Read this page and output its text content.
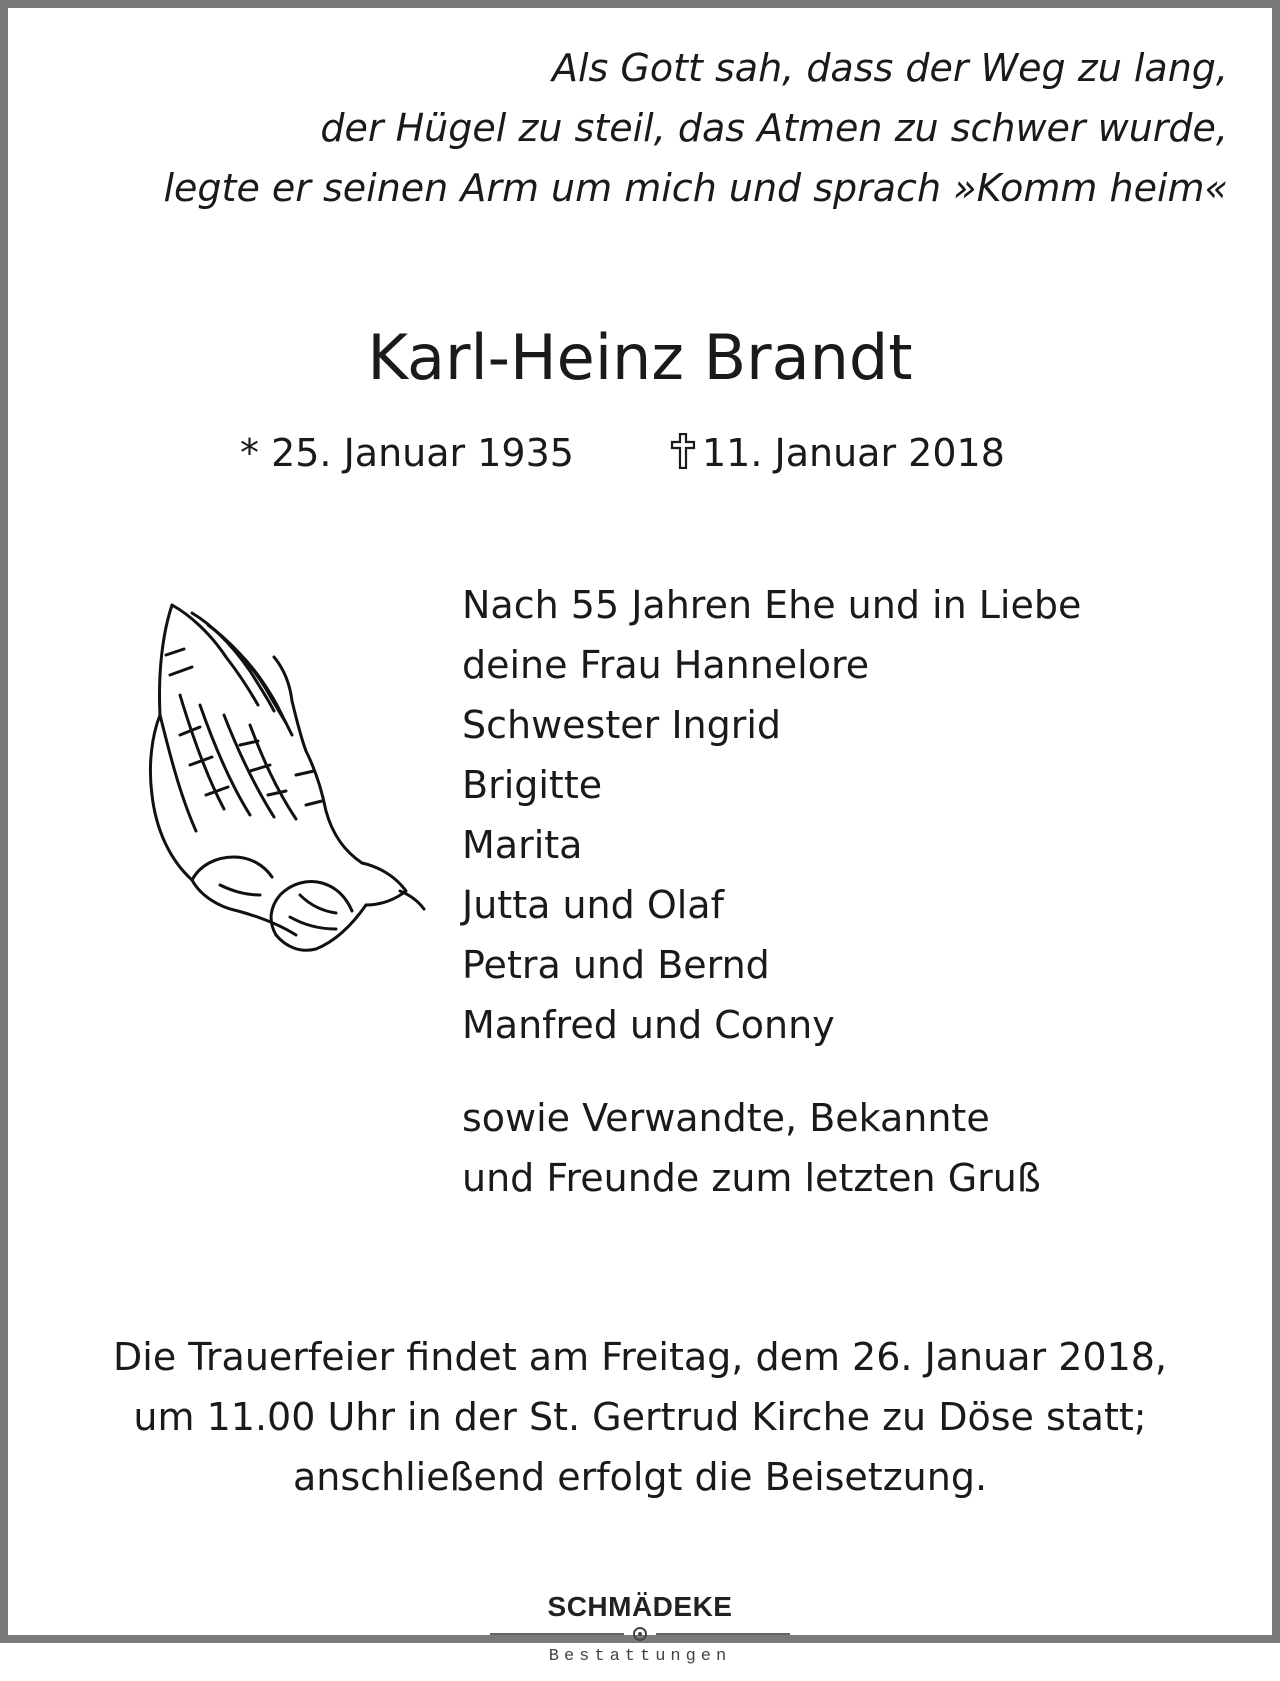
Als Gott sah, dass der Weg zu lang,
der Hügel zu steil, das Atmen zu schwer wurde,
legte er seinen Arm um mich und sprach »Komm heim«
Karl-Heinz Brandt
* 25. Januar 1935	11. Januar 2018
Nach 55 Jahren Ehe und in Liebe
deine Frau Hannelore
Schwester Ingrid
Brigitte
Marita
Jutta und Olaf
Petra und Bernd
Manfred und Conny
sowie Verwandte, Bekannte
und Freunde zum letzten Gruß
Die Trauerfeier findet am Freitag, dem 26. Januar 2018,
um 11.00 Uhr in der St. Gertrud Kirche zu Döse statt;
anschließend erfolgt die Beisetzung.
SCHMÄDEKE
Bestattungen
